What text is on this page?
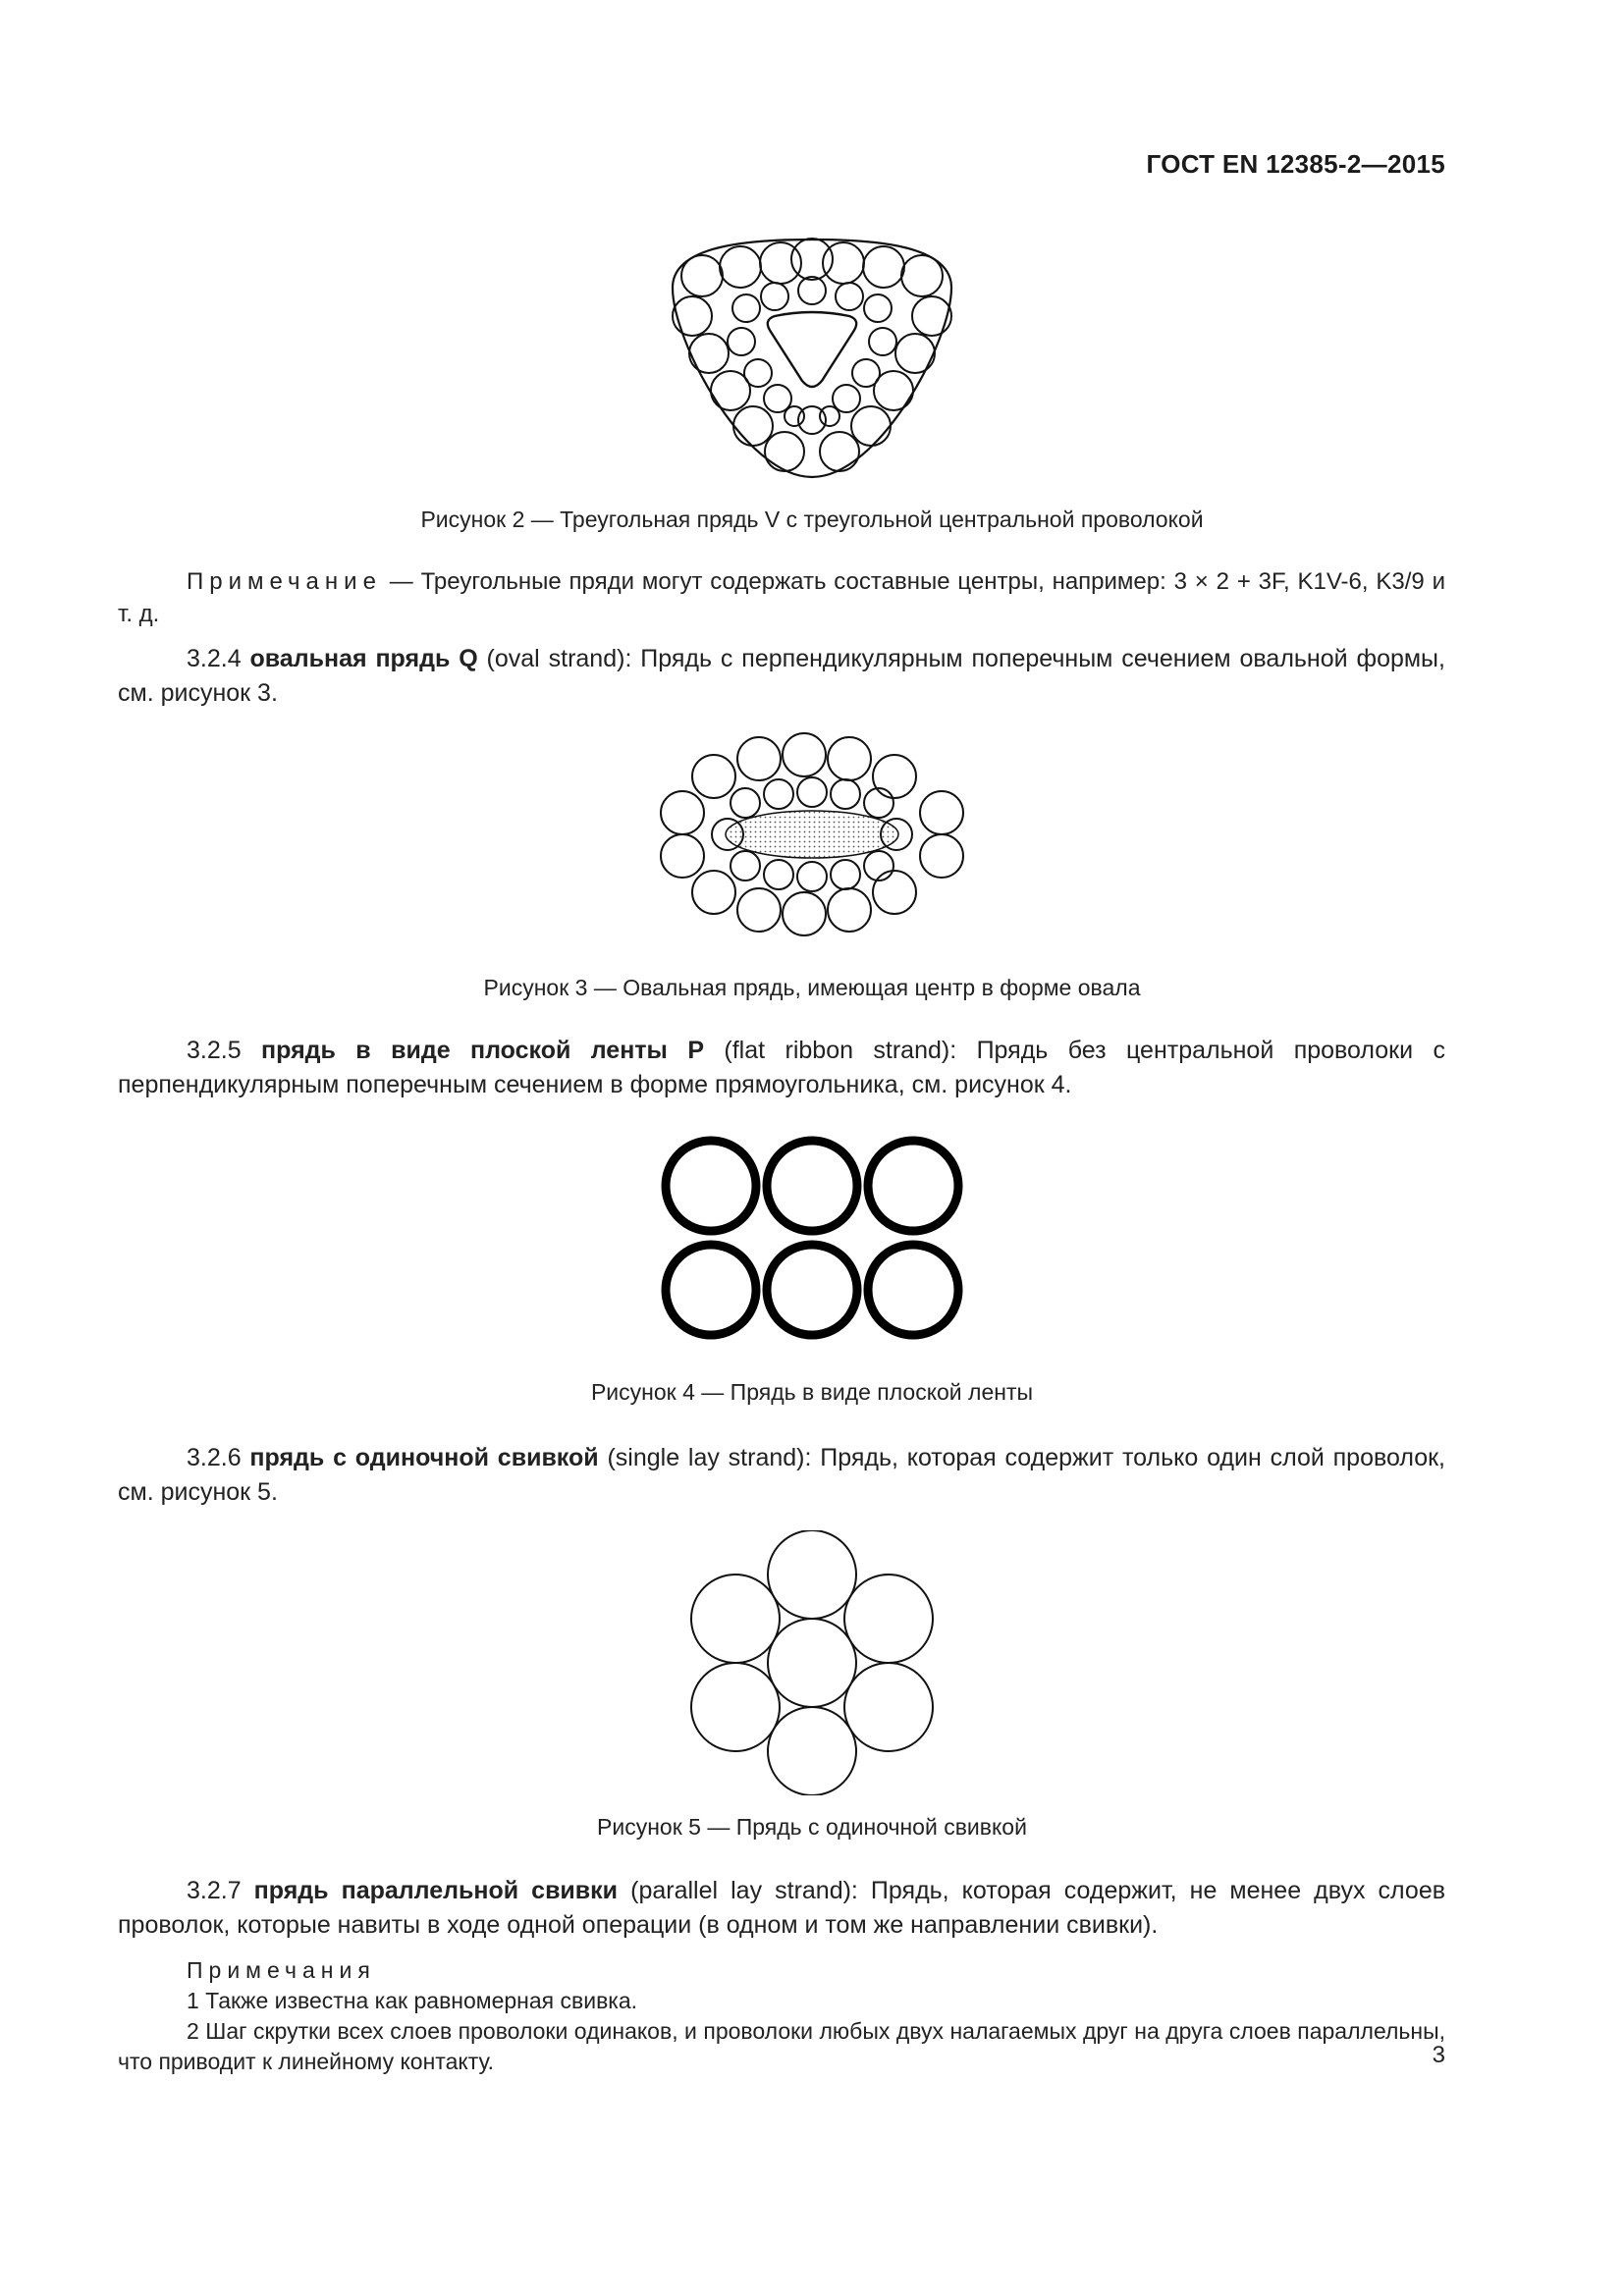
ГОСТ EN 12385-2—2015
Рисунок 2 — Треугольная прядь V с треугольной центральной проволокой

Примечание — Треугольные пряди могут содержать составные центры, например: 3 × 2 + 3F, K1V-6, K3/9 и т. д.

3.2.4 овальная прядь Q (oval strand): Прядь с перпендикулярным поперечным сечением овальной формы, см. рисунок 3.

Рисунок 3 — Овальная прядь, имеющая центр в форме овала

3.2.5 прядь в виде плоской ленты P (flat ribbon strand): Прядь без центральной проволоки с перпендикулярным поперечным сечением в форме прямоугольника, см. рисунок 4.

Рисунок 4 — Прядь в виде плоской ленты

3.2.6 прядь с одиночной свивкой (single lay strand): Прядь, которая содержит только один слой проволок, см. рисунок 5.

Рисунок 5 — Прядь с одиночной свивкой

3.2.7 прядь параллельной свивки (parallel lay strand): Прядь, которая содержит, не менее двух слоев проволок, которые навиты в ходе одной операции (в одном и том же направлении свивки).

Примечания

1 Также известна как равномерная свивка.

2 Шаг скрутки всех слоев проволоки одинаков, и проволоки любых двух налагаемых друг на друга слоев параллельны, что приводит к линейному контакту.	3
